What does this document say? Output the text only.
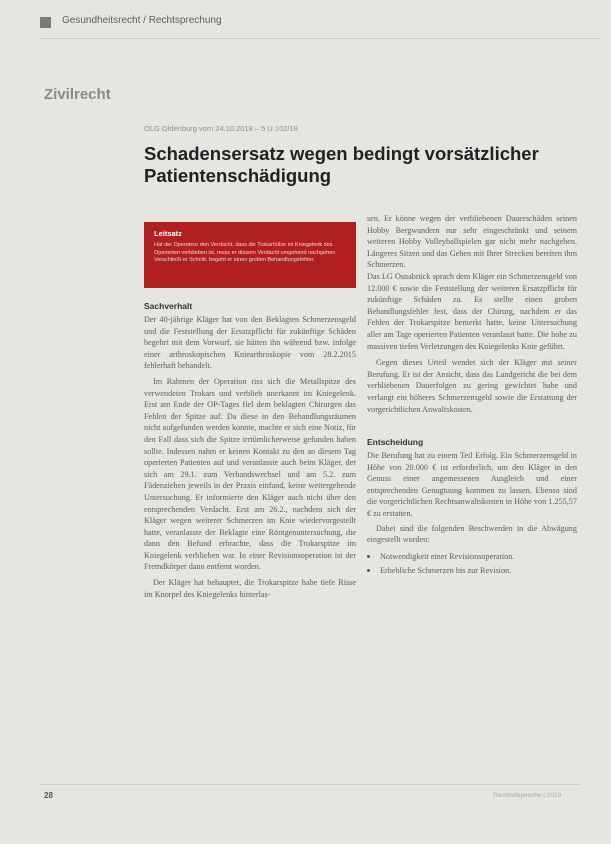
Gesundheitsrecht / Rechtsprechung
Zivilrecht
OLG Oldenburg vom 24.10.2018 – 5 U 102/18
Schadensersatz wegen bedingt vorsätzlicher Patientenschädigung
Leitsatz
Hat der Operateur den Verdacht, dass die Trokarhülse im Kniegelenk des Operierten verblieben ist, muss er diesem Verdacht umgehend nachgehen. Verschließt er Schnitt, begeht er einen groben Behandlungsfehler.
Sachverhalt

Der 40-jährige Kläger hat von den Beklagten Schmerzensgeld und die Feststellung der Ersatzpflicht für zukünftige Schäden begehrt mit dem Vorwurf, sie hätten ihn während bzw. infolge einer arthroskopischen Kniearthroskopie vom 28.2.2015 fehlerhaft behandelt.

Im Rahmen der Operation riss sich die Metallspitze des verwendeten Trokars und verblieb unerkannt im Kniegelenk. Erst am Ende der OP-Tages fiel dem beklagten Chirurgen das Fehlen der Spitze auf. Da diese in den Behandlungsräumen nicht aufgefunden werden konnte, machte er sich eine Notiz, für den Fall dass sich die Spitze irrtümlicherweise gefunden haben sollte. Indessen nahm er keinen Kontakt zu den an diesem Tag operierten Patienten auf und veranlasste auch beim Kläger, der sich am 29.1. zum Verbandswechsel und am 5.2. zum Fädenziehen jeweils in der Praxis einfand, keine weitergehende Untersuchung. Er informierte den Kläger auch nicht über den entsprechenden Verdacht. Erst am 26.2., nachdem sich der Kläger wegen weiterer Schmerzen im Knie wiedervorgestellt hatte, veranlasste der Beklagte eine Röntgenuntersuchung, die dann den Befund erbrachte, dass die Trokarspitze im Kniegelenk verblieben war. In einer Revisionsoperation ist der Fremdkörper dann entfernt worden.

Der Kläger hat behauptet, die Trokarspitze habe tiefe Risse im Knorpel des Kniegelenks hinterlas-

sen. Er könne wegen der verbliebenen Dauerschäden seinen Hobby Bergwandern nur sehr eingeschränkt und seinem weiteren Hobby Volleyballspielen gar nicht mehr nachgehen. Längeres Sitzen und das Gehen mit Ihrer Strecken bereiten ihm Schmerzen.

Das LG Osnabrück sprach dem Kläger ein Schmerzensgeld von 12.000 € sowie die Feststellung der weiteren Ersatzpflicht für zukünftige Schäden zu. Es stellte einen groben Behandlungsfehler fest, dass der Chirurg, nachdem er das Fehlen der Trokarspitze bemerkt hatte, keine Untersuchung aller am Tage operierten Patienten veranlasst hatte. Die hohe zu massiven tiefen Verletzungen des Kniegelenks Knie geführt.

Gegen dieses Urteil wendet sich der Kläger mit seiner Berufung. Er ist der Ansicht, dass das Landgericht die bei dem verbliebenen Dauerfolgen zu gering gewichtet habe und verlangt ein höheres Schmerzensgeld sowie die Erstattung der vorgerichtlichen Anwaltskosten.

Entscheidung

Die Berufung hat zu einem Teil Erfolg. Ein Schmerzensgeld in Höhe von 20.000 € ist erforderlich, um den Kläger in den Genuss einer angemessenen Ausgleich und einer entsprechenden Genugtuung kommen zu lassen. Ebenso sind die vorgerichtlichen Rechtsanwaltskosten in Höhe von 1.255,57 € zu erstatten.

Dabei sind die folgenden Beschwerden in die Abwägung eingestellt worden:

Notwendigkeit einer Revisionsoperation.
Erhebliche Schmerzen bis zur Revision.
28	Rechtsdepesche | 2019
